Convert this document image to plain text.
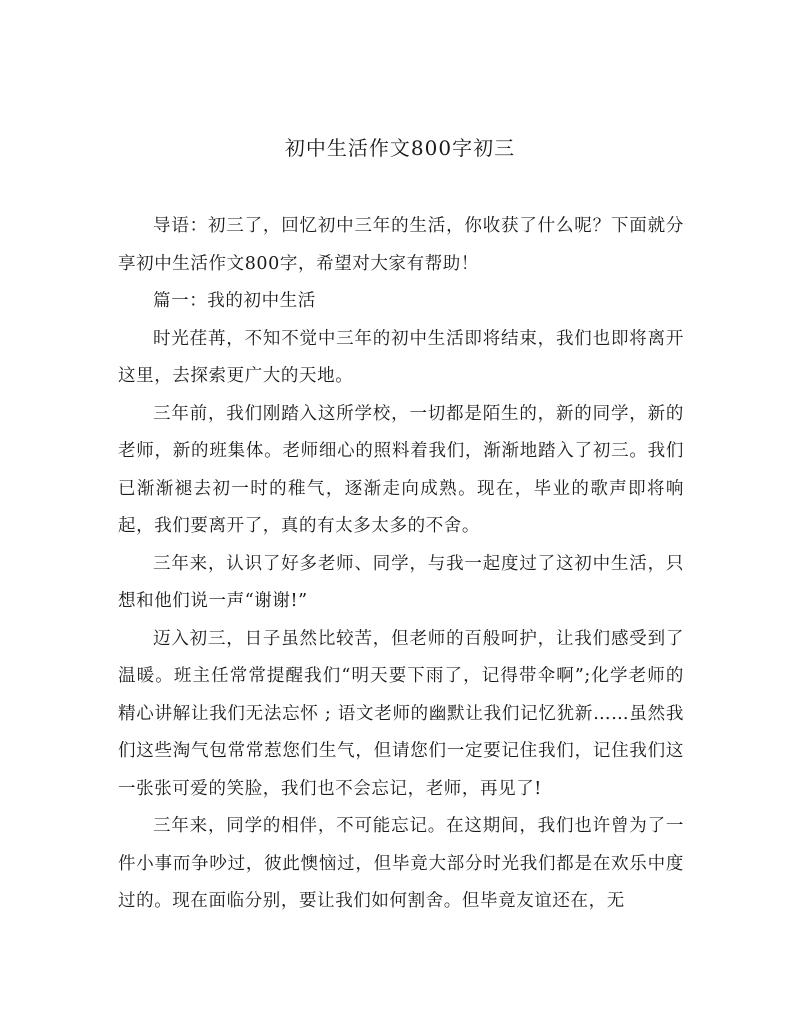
初中生活作文800字初三

导语：初三了，回忆初中三年的生活，你收获了什么呢？下面就分享初中生活作文800字，希望对大家有帮助！

篇一：我的初中生活

时光荏苒，不知不觉中三年的初中生活即将结束，我们也即将离开这里，去探索更广大的天地。

三年前，我们刚踏入这所学校，一切都是陌生的，新的同学，新的老师，新的班集体。老师细心的照料着我们，渐渐地踏入了初三。我们已渐渐褪去初一时的稚气，逐渐走向成熟。现在，毕业的歌声即将响起，我们要离开了，真的有太多太多的不舍。

三年来，认识了好多老师、同学，与我一起度过了这初中生活，只想和他们说一声“谢谢!”

迈入初三，日子虽然比较苦，但老师的百般呵护，让我们感受到了温暖。班主任常常提醒我们“明天要下雨了，记得带伞啊”;化学老师的精心讲解让我们无法忘怀 ; 语文老师的幽默让我们记忆犹新……虽然我们这些淘气包常常惹您们生气，但请您们一定要记住我们，记住我们这一张张可爱的笑脸，我们也不会忘记，老师，再见了!

三年来，同学的相伴，不可能忘记。在这期间，我们也许曾为了一件小事而争吵过，彼此懊恼过，但毕竟大部分时光我们都是在欢乐中度过的。现在面临分别，要让我们如何割舍。但毕竟友谊还在，无
